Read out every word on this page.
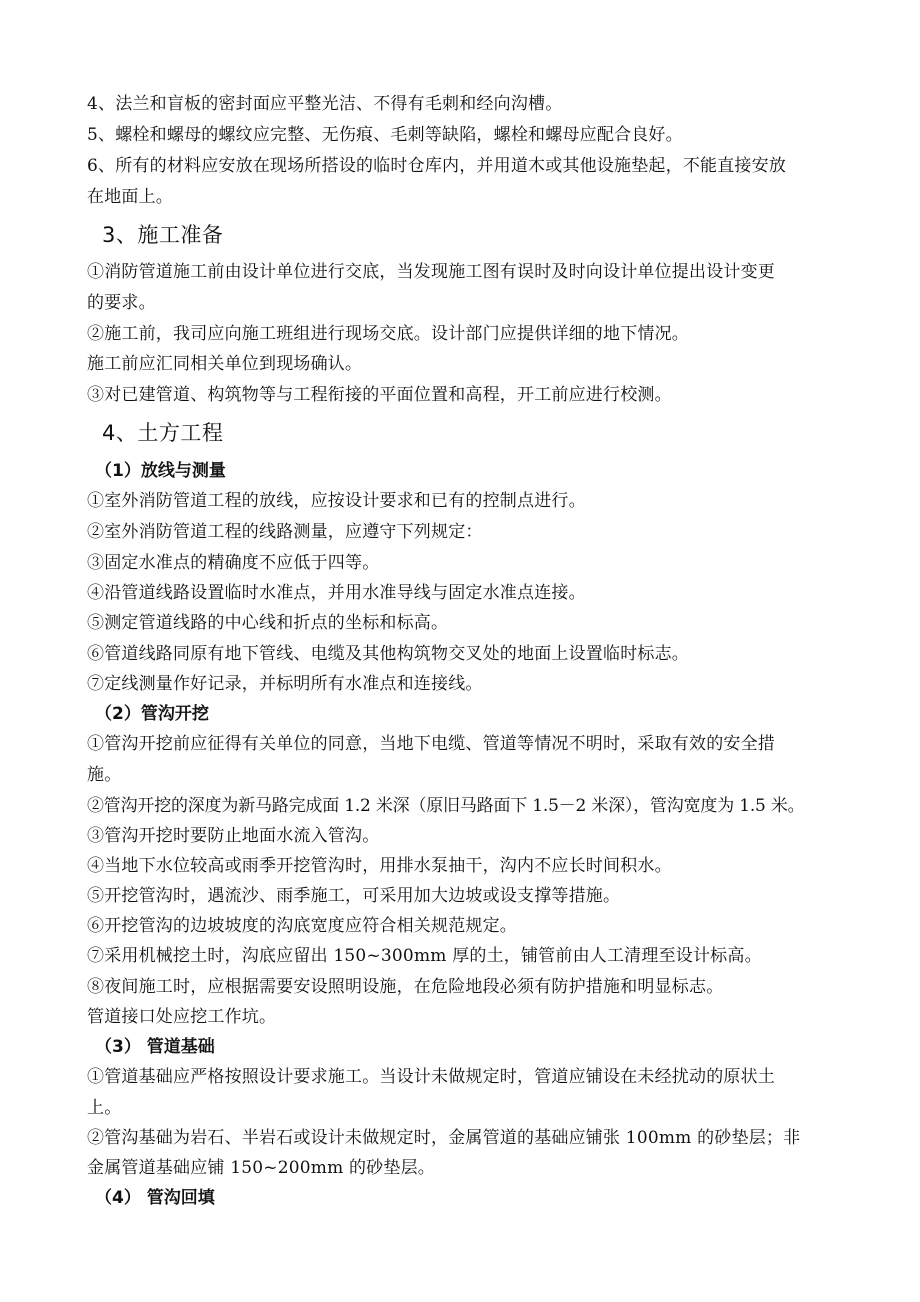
4、法兰和盲板的密封面应平整光洁、不得有毛刺和经向沟槽。
5、螺栓和螺母的螺纹应完整、无伤痕、毛刺等缺陷，螺栓和螺母应配合良好。
6、所有的材料应安放在现场所搭设的临时仓库内，并用道木或其他设施垫起，不能直接安放
在地面上。
3、施工准备
①消防管道施工前由设计单位进行交底，当发现施工图有误时及时向设计单位提出设计变更
的要求。
②施工前，我司应向施工班组进行现场交底。设计部门应提供详细的地下情况。
施工前应汇同相关单位到现场确认。
③对已建管道、构筑物等与工程衔接的平面位置和高程，开工前应进行校测。
4、土方工程
（1）放线与测量
①室外消防管道工程的放线，应按设计要求和已有的控制点进行。
②室外消防管道工程的线路测量，应遵守下列规定：
③固定水准点的精确度不应低于四等。
④沿管道线路设置临时水准点，并用水准导线与固定水准点连接。
⑤测定管道线路的中心线和折点的坐标和标高。
⑥管道线路同原有地下管线、电缆及其他构筑物交叉处的地面上设置临时标志。
⑦定线测量作好记录，并标明所有水准点和连接线。
（2）管沟开挖
①管沟开挖前应征得有关单位的同意，当地下电缆、管道等情况不明时，采取有效的安全措
施。
②管沟开挖的深度为新马路完成面 1.2 米深（原旧马路面下 1.5－2 米深），管沟宽度为 1.5 米。
③管沟开挖时要防止地面水流入管沟。
④当地下水位较高或雨季开挖管沟时，用排水泵抽干，沟内不应长时间积水。
⑤开挖管沟时，遇流沙、雨季施工，可采用加大边坡或设支撑等措施。
⑥开挖管沟的边坡坡度的沟底宽度应符合相关规范规定。
⑦采用机械挖土时，沟底应留出 150~300mm 厚的土，铺管前由人工清理至设计标高。
⑧夜间施工时，应根据需要安设照明设施，在危险地段必须有防护措施和明显标志。
管道接口处应挖工作坑。
（3） 管道基础
①管道基础应严格按照设计要求施工。当设计未做规定时，管道应铺设在未经扰动的原状土
上。
②管沟基础为岩石、半岩石或设计未做规定时，金属管道的基础应铺张 100mm 的砂垫层；非
金属管道基础应铺 150~200mm 的砂垫层。
（4） 管沟回填
